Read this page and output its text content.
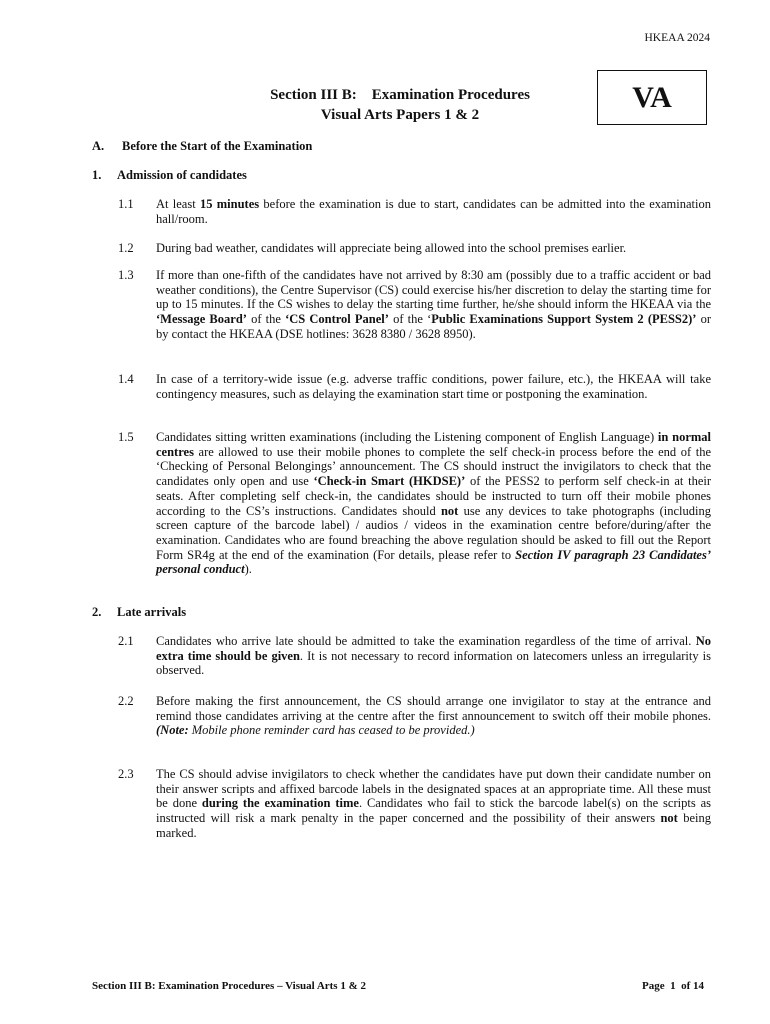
HKEAA 2024
Section III B:    Examination Procedures
Visual Arts Papers 1 & 2
VA
A. Before the Start of the Examination
1. Admission of candidates
2. Late arrivals
1.1 At least 15 minutes before the examination is due to start, candidates can be admitted into the examination hall/room.
1.2 During bad weather, candidates will appreciate being allowed into the school premises earlier.
1.3 If more than one-fifth of the candidates have not arrived by 8:30 am (possibly due to a traffic accident or bad weather conditions), the Centre Supervisor (CS) could exercise his/her discretion to delay the starting time for up to 15 minutes. If the CS wishes to delay the starting time further, he/she should inform the HKEAA via the ‘Message Board’ of the ‘CS Control Panel’ of the ‘Public Examinations Support System 2 (PESS2)’ or by contact the HKEAA (DSE hotlines: 3628 8380 / 3628 8950).
1.4 In case of a territory-wide issue (e.g. adverse traffic conditions, power failure, etc.), the HKEAA will take contingency measures, such as delaying the examination start time or postponing the examination.
1.5 Candidates sitting written examinations (including the Listening component of English Language) in normal centres are allowed to use their mobile phones to complete the self check-in process before the end of the ‘Checking of Personal Belongings’ announcement. The CS should instruct the invigilators to check that the candidates only open and use ‘Check-in Smart (HKDSE)’ of the PESS2 to perform self check-in at their seats. After completing self check-in, the candidates should be instructed to turn off their mobile phones according to the CS’s instructions. Candidates should not use any devices to take photographs (including screen capture of the barcode label) / audios / videos in the examination centre before/during/after the examination. Candidates who are found breaching the above regulation should be asked to fill out the Report Form SR4g at the end of the examination (For details, please refer to Section IV paragraph 23 Candidates’ personal conduct).
2.1 Candidates who arrive late should be admitted to take the examination regardless of the time of arrival. No extra time should be given. It is not necessary to record information on latecomers unless an irregularity is observed.
2.2 Before making the first announcement, the CS should arrange one invigilator to stay at the entrance and remind those candidates arriving at the centre after the first announcement to switch off their mobile phones. (Note: Mobile phone reminder card has ceased to be provided.)
2.3 The CS should advise invigilators to check whether the candidates have put down their candidate number on their answer scripts and affixed barcode labels in the designated spaces at an appropriate time. All these must be done during the examination time. Candidates who fail to stick the barcode label(s) on the scripts as instructed will risk a mark penalty in the paper concerned and the possibility of their answers not being marked.
Section III B: Examination Procedures – Visual Arts 1 & 2	Page  1  of 14
